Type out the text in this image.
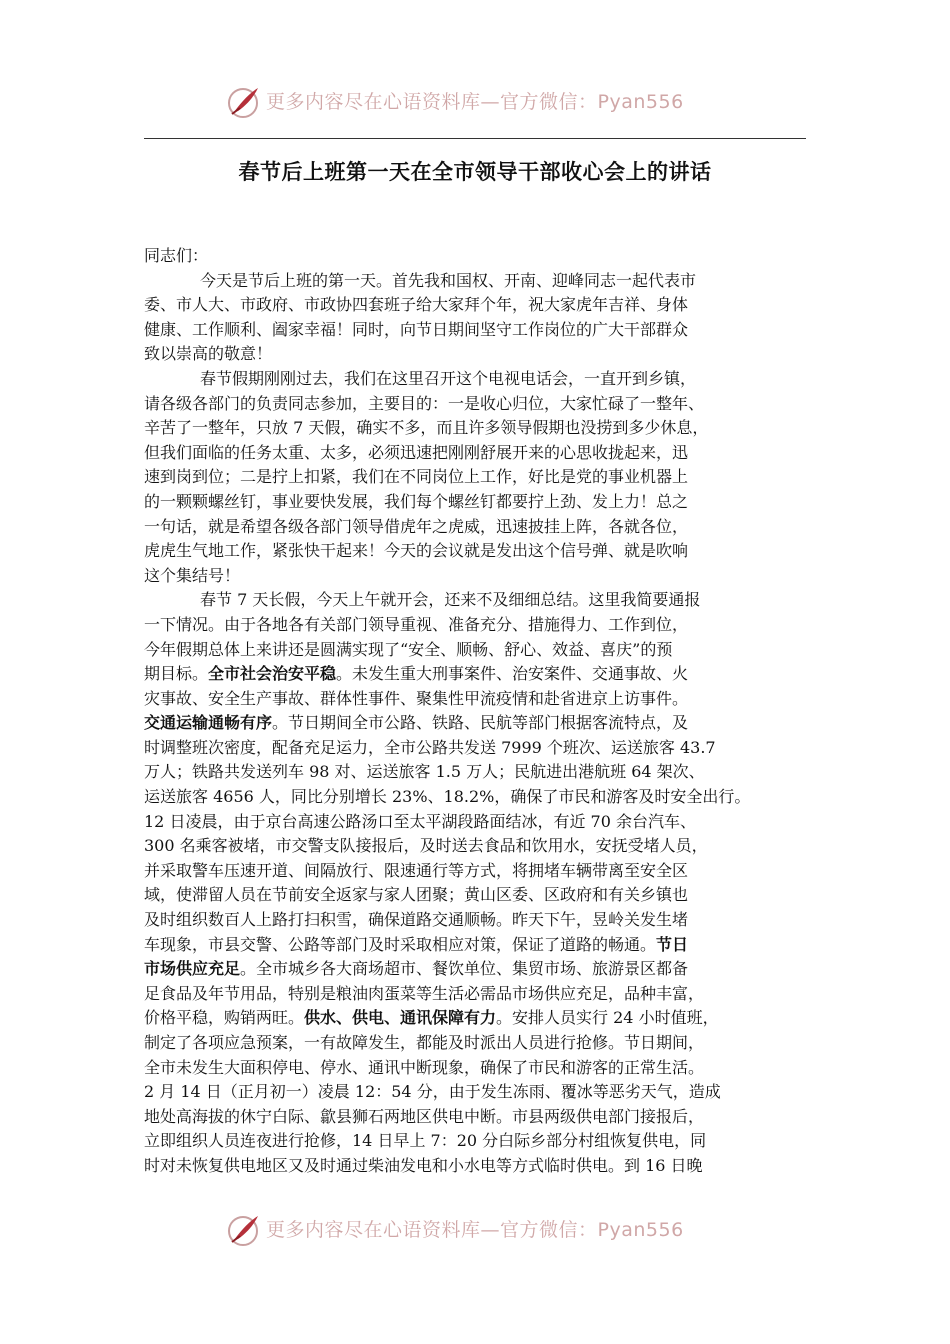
更多内容尽在心语资料库—官方微信：Pyan556
春节后上班第一天在全市领导干部收心会上的讲话
同志们：
今天是节后上班的第一天。首先我和国权、开南、迎峰同志一起代表市
委、市人大、市政府、市政协四套班子给大家拜个年，祝大家虎年吉祥、身体
健康、工作顺利、阖家幸福！同时，向节日期间坚守工作岗位的广大干部群众
致以崇高的敬意！
春节假期刚刚过去，我们在这里召开这个电视电话会，一直开到乡镇，
请各级各部门的负责同志参加，主要目的：一是收心归位，大家忙碌了一整年、
辛苦了一整年，只放 7 天假，确实不多，而且许多领导假期也没捞到多少休息，
但我们面临的任务太重、太多，必须迅速把刚刚舒展开来的心思收拢起来，迅
速到岗到位；二是拧上扣紧，我们在不同岗位上工作，好比是党的事业机器上
的一颗颗螺丝钉，事业要快发展，我们每个螺丝钉都要拧上劲、发上力！总之
一句话，就是希望各级各部门领导借虎年之虎威，迅速披挂上阵，各就各位，
虎虎生气地工作，紧张快干起来！今天的会议就是发出这个信号弹、就是吹响
这个集结号！
春节 7 天长假，今天上午就开会，还来不及细细总结。这里我简要通报
一下情况。由于各地各有关部门领导重视、准备充分、措施得力、工作到位，
今年假期总体上来讲还是圆满实现了“安全、顺畅、舒心、效益、喜庆”的预
期目标。全市社会治安平稳。未发生重大刑事案件、治安案件、交通事故、火
灾事故、安全生产事故、群体性事件、聚集性甲流疫情和赴省进京上访事件。
交通运输通畅有序。节日期间全市公路、铁路、民航等部门根据客流特点，及
时调整班次密度，配备充足运力，全市公路共发送 7999 个班次、运送旅客 43.7
万人；铁路共发送列车 98 对、运送旅客 1.5 万人；民航进出港航班 64 架次、
运送旅客 4656 人，同比分别增长 23%、18.2%，确保了市民和游客及时安全出行。
12 日凌晨，由于京台高速公路汤口至太平湖段路面结冰，有近 70 余台汽车、
300 名乘客被堵，市交警支队接报后，及时送去食品和饮用水，安抚受堵人员，
并采取警车压速开道、间隔放行、限速通行等方式，将拥堵车辆带离至安全区
域，使滞留人员在节前安全返家与家人团聚；黄山区委、区政府和有关乡镇也
及时组织数百人上路打扫积雪，确保道路交通顺畅。昨天下午，昱岭关发生堵
车现象，市县交警、公路等部门及时采取相应对策，保证了道路的畅通。节日
市场供应充足。全市城乡各大商场超市、餐饮单位、集贸市场、旅游景区都备
足食品及年节用品，特别是粮油肉蛋菜等生活必需品市场供应充足，品种丰富，
价格平稳，购销两旺。供水、供电、通讯保障有力。安排人员实行 24 小时值班，
制定了各项应急预案，一有故障发生，都能及时派出人员进行抢修。节日期间，
全市未发生大面积停电、停水、通讯中断现象，确保了市民和游客的正常生活。
2 月 14 日（正月初一）凌晨 12：54 分，由于发生冻雨、覆冰等恶劣天气，造成
地处高海拔的休宁白际、歙县狮石两地区供电中断。市县两级供电部门接报后，
立即组织人员连夜进行抢修，14 日早上 7：20 分白际乡部分村组恢复供电，同
时对未恢复供电地区又及时通过柴油发电和小水电等方式临时供电。到 16 日晚
更多内容尽在心语资料库—官方微信：Pyan556
